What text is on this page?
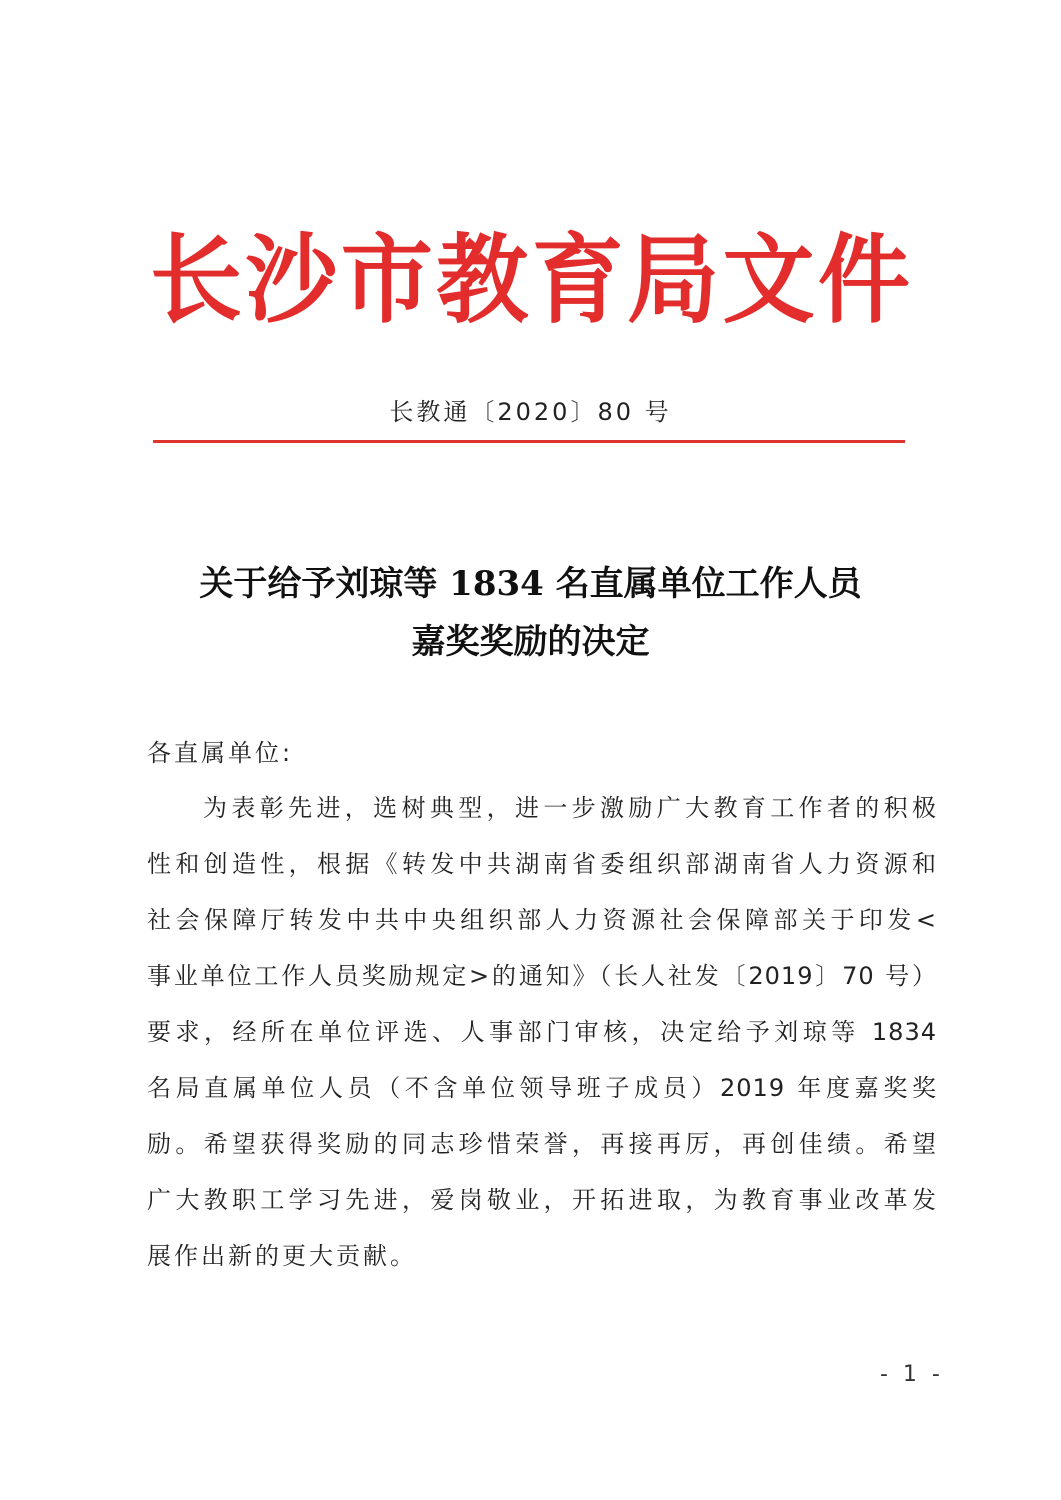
长 沙 市 教 育 局 文 件
长教通〔2020〕80 号
关于给予刘琼等 1834 名直属单位工作人员
嘉奖奖励的决定
各直属单位:
为表彰先进，选树典型，进一步激励广大教育工作者的积极
性和创造性，根据《转发中共湖南省委组织部湖南省人力资源和
社会保障厅转发中共中央组织部人力资源社会保障部关于印发<
事业单位工作人员奖励规定>的通知》（长人社发〔2019〕70 号）
要求，经所在单位评选、人事部门审核，决定给予刘琼等 1834
名局直属单位人员（不含单位领导班子成员）2019 年度嘉奖奖
励。希望获得奖励的同志珍惜荣誉，再接再厉，再创佳绩。希望
广大教职工学习先进，爱岗敬业，开拓进取，为教育事业改革发
展作出新的更大贡献。
- 1 -
